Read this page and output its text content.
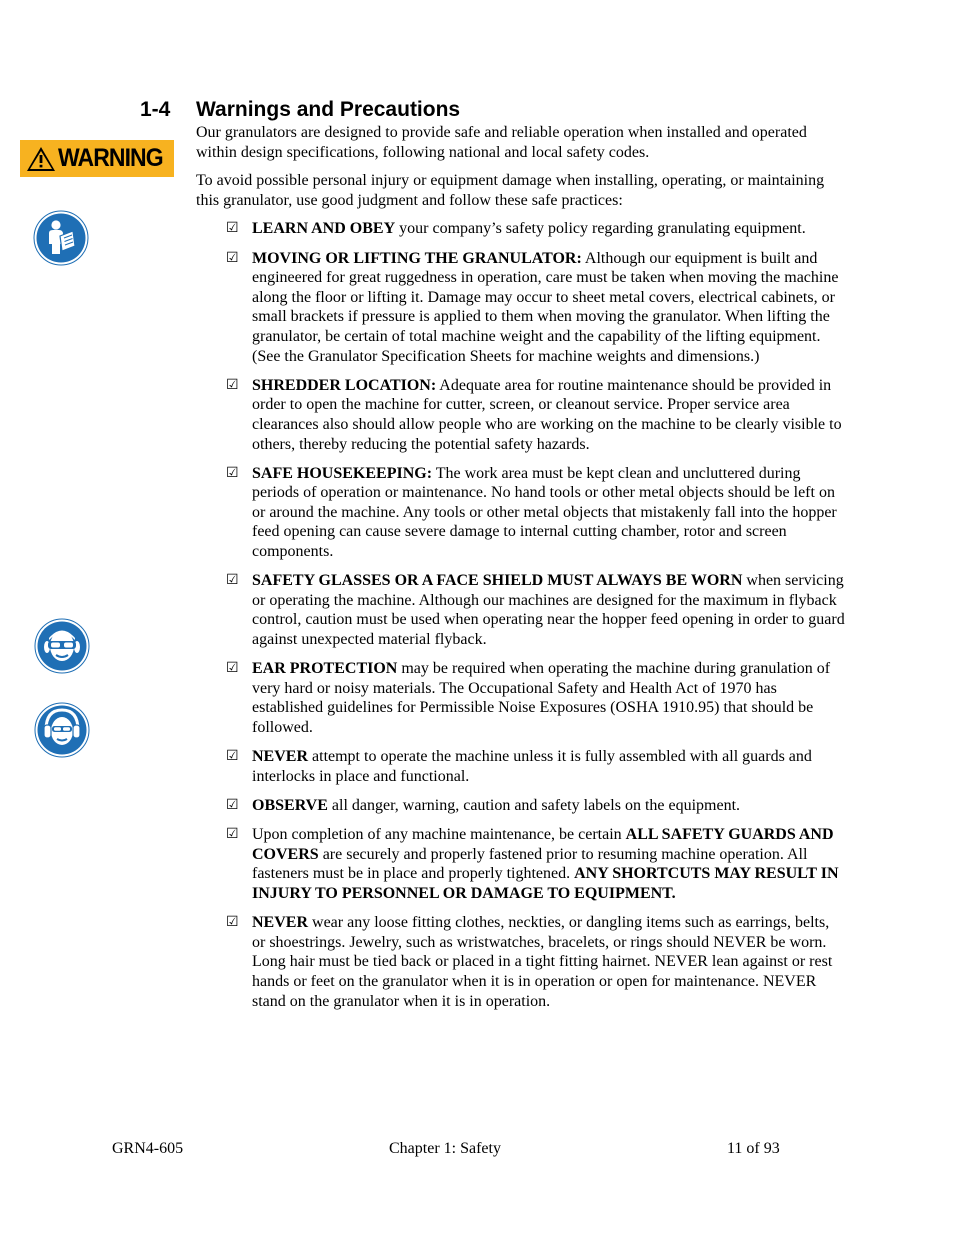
1-4 Warnings and Precautions
WARNING

Our granulators are designed to provide safe and reliable operation when installed and operated within design specifications, following national and local safety codes.

To avoid possible personal injury or equipment damage when installing, operating, or maintaining this granulator, use good judgment and follow these safe practices:

☑ LEARN AND OBEY your company’s safety policy regarding granulating equipment.
☑ MOVING OR LIFTING THE GRANULATOR: Although our equipment is built and engineered for great ruggedness in operation, care must be taken when moving the machine along the floor or lifting it. Damage may occur to sheet metal covers, electrical cabinets, or small brackets if pressure is applied to them when moving the granulator. When lifting the granulator, be certain of total machine weight and the capability of the lifting equipment. (See the Granulator Specification Sheets for machine weights and dimensions.)
☑ SHREDDER LOCATION: Adequate area for routine maintenance should be provided in order to open the machine for cutter, screen, or cleanout service. Proper service area clearances also should allow people who are working on the machine to be clearly visible to others, thereby reducing the potential safety hazards.
☑ SAFE HOUSEKEEPING: The work area must be kept clean and uncluttered during periods of operation or maintenance. No hand tools or other metal objects should be left on or around the machine. Any tools or other metal objects that mistakenly fall into the hopper feed opening can cause severe damage to internal cutting chamber, rotor and screen components.
☑ SAFETY GLASSES OR A FACE SHIELD MUST ALWAYS BE WORN when servicing or operating the machine. Although our machines are designed for the maximum in flyback control, caution must be used when operating near the hopper feed opening in order to guard against unexpected material flyback.
☑ EAR PROTECTION may be required when operating the machine during granulation of very hard or noisy materials. The Occupational Safety and Health Act of 1970 has established guidelines for Permissible Noise Exposures (OSHA 1910.95) that should be followed.
☑ NEVER attempt to operate the machine unless it is fully assembled with all guards and interlocks in place and functional.
☑ OBSERVE all danger, warning, caution and safety labels on the equipment.
☑ Upon completion of any machine maintenance, be certain ALL SAFETY GUARDS AND COVERS are securely and properly fastened prior to resuming machine operation. All fasteners must be in place and properly tightened. ANY SHORTCUTS MAY RESULT IN INJURY TO PERSONNEL OR DAMAGE TO EQUIPMENT.
☑ NEVER wear any loose fitting clothes, neckties, or dangling items such as earrings, belts, or shoestrings. Jewelry, such as wristwatches, bracelets, or rings should NEVER be worn. Long hair must be tied back or placed in a tight fitting hairnet. NEVER lean against or rest hands or feet on the granulator when it is in operation or open for maintenance. NEVER stand on the granulator when it is in operation.
GRN4-605	Chapter 1: Safety	11 of 93
